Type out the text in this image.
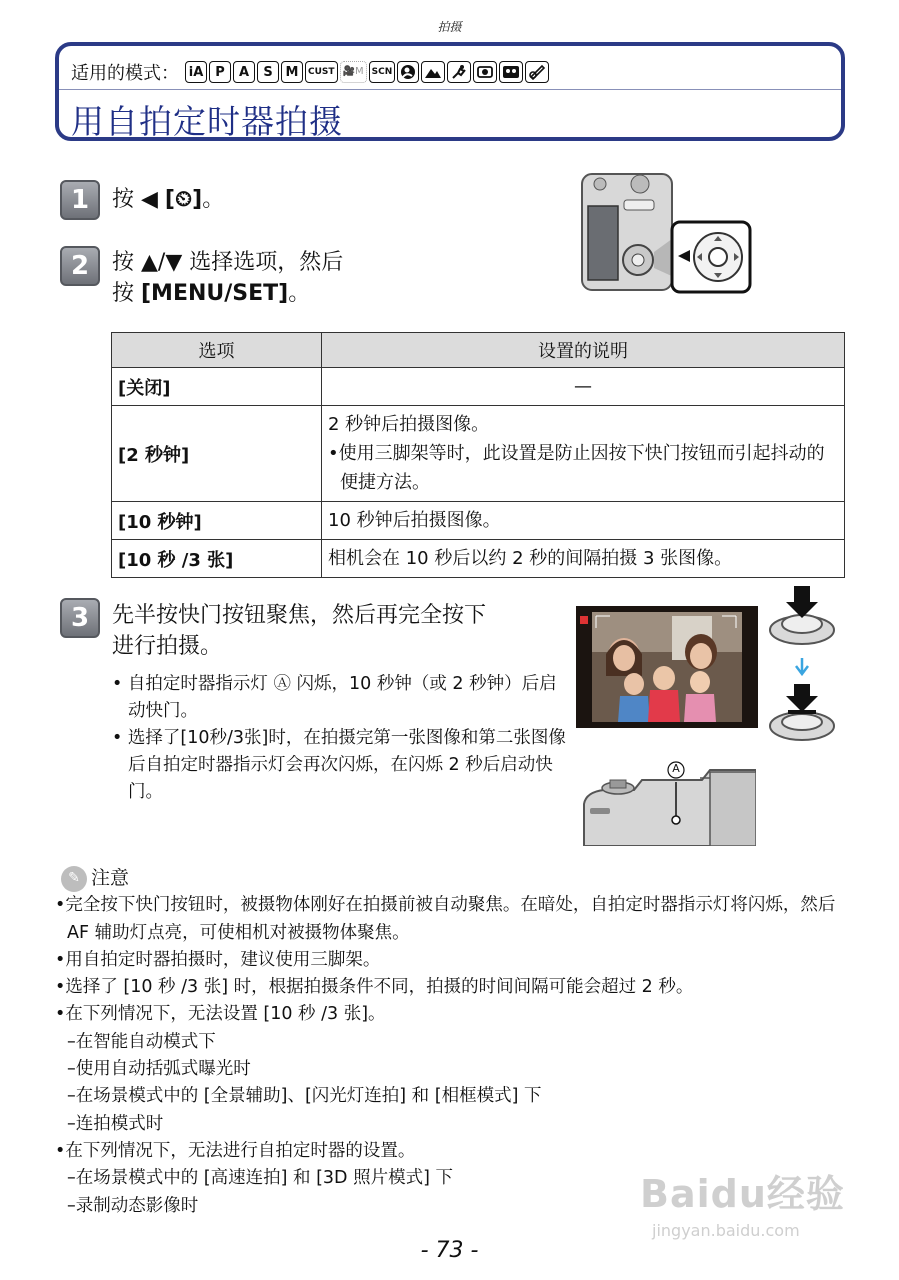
拍摄
适用的模式： iA P	A	S M	CUST 🎥M SCN
用自拍定时器拍摄
1	按 ◀ [⏲]。
2	按 ▲/▼ 选择选项，然后
按 [MENU/SET]。
选项	设置的说明
[关闭]	—
[2 秒钟]	2 秒钟后拍摄图像。
•使用三脚架等时，此设置是防止因按下快门按钮而引起抖动的便捷方法。

[10 秒钟]	10 秒钟后拍摄图像。
[10 秒 /3 张]	相机会在 10 秒后以约 2 秒的间隔拍摄 3 张图像。
3	先半按快门按钮聚焦，然后再完全按下
进行拍摄。
• 自拍定时器指示灯 Ⓐ 闪烁，10 秒钟（或 2 秒钟）后启动快门。
• 选择了[10秒/3张]时，在拍摄完第一张图像和第二张图像后自拍定时器指示灯会再次闪烁，在闪烁 2 秒后启动快门。
A
✎ 注意
•完全按下快门按钮时，被摄物体刚好在拍摄前被自动聚焦。在暗处，自拍定时器指示灯将闪烁，然后 AF 辅助灯点亮，可使相机对被摄物体聚焦。
•用自拍定时器拍摄时，建议使用三脚架。
•选择了 [10 秒 /3 张] 时，根据拍摄条件不同，拍摄的时间间隔可能会超过 2 秒。
•在下列情况下，无法设置 [10 秒 /3 张]。
–在智能自动模式下
–使用自动括弧式曝光时
–在场景模式中的 [全景辅助]、[闪光灯连拍] 和 [相框模式] 下
–连拍模式时
•在下列情况下，无法进行自拍定时器的设置。
–在场景模式中的 [高速连拍] 和 [3D 照片模式] 下
–录制动态影像时
- 73 -
Baidu经验
jingyan.baidu.com
